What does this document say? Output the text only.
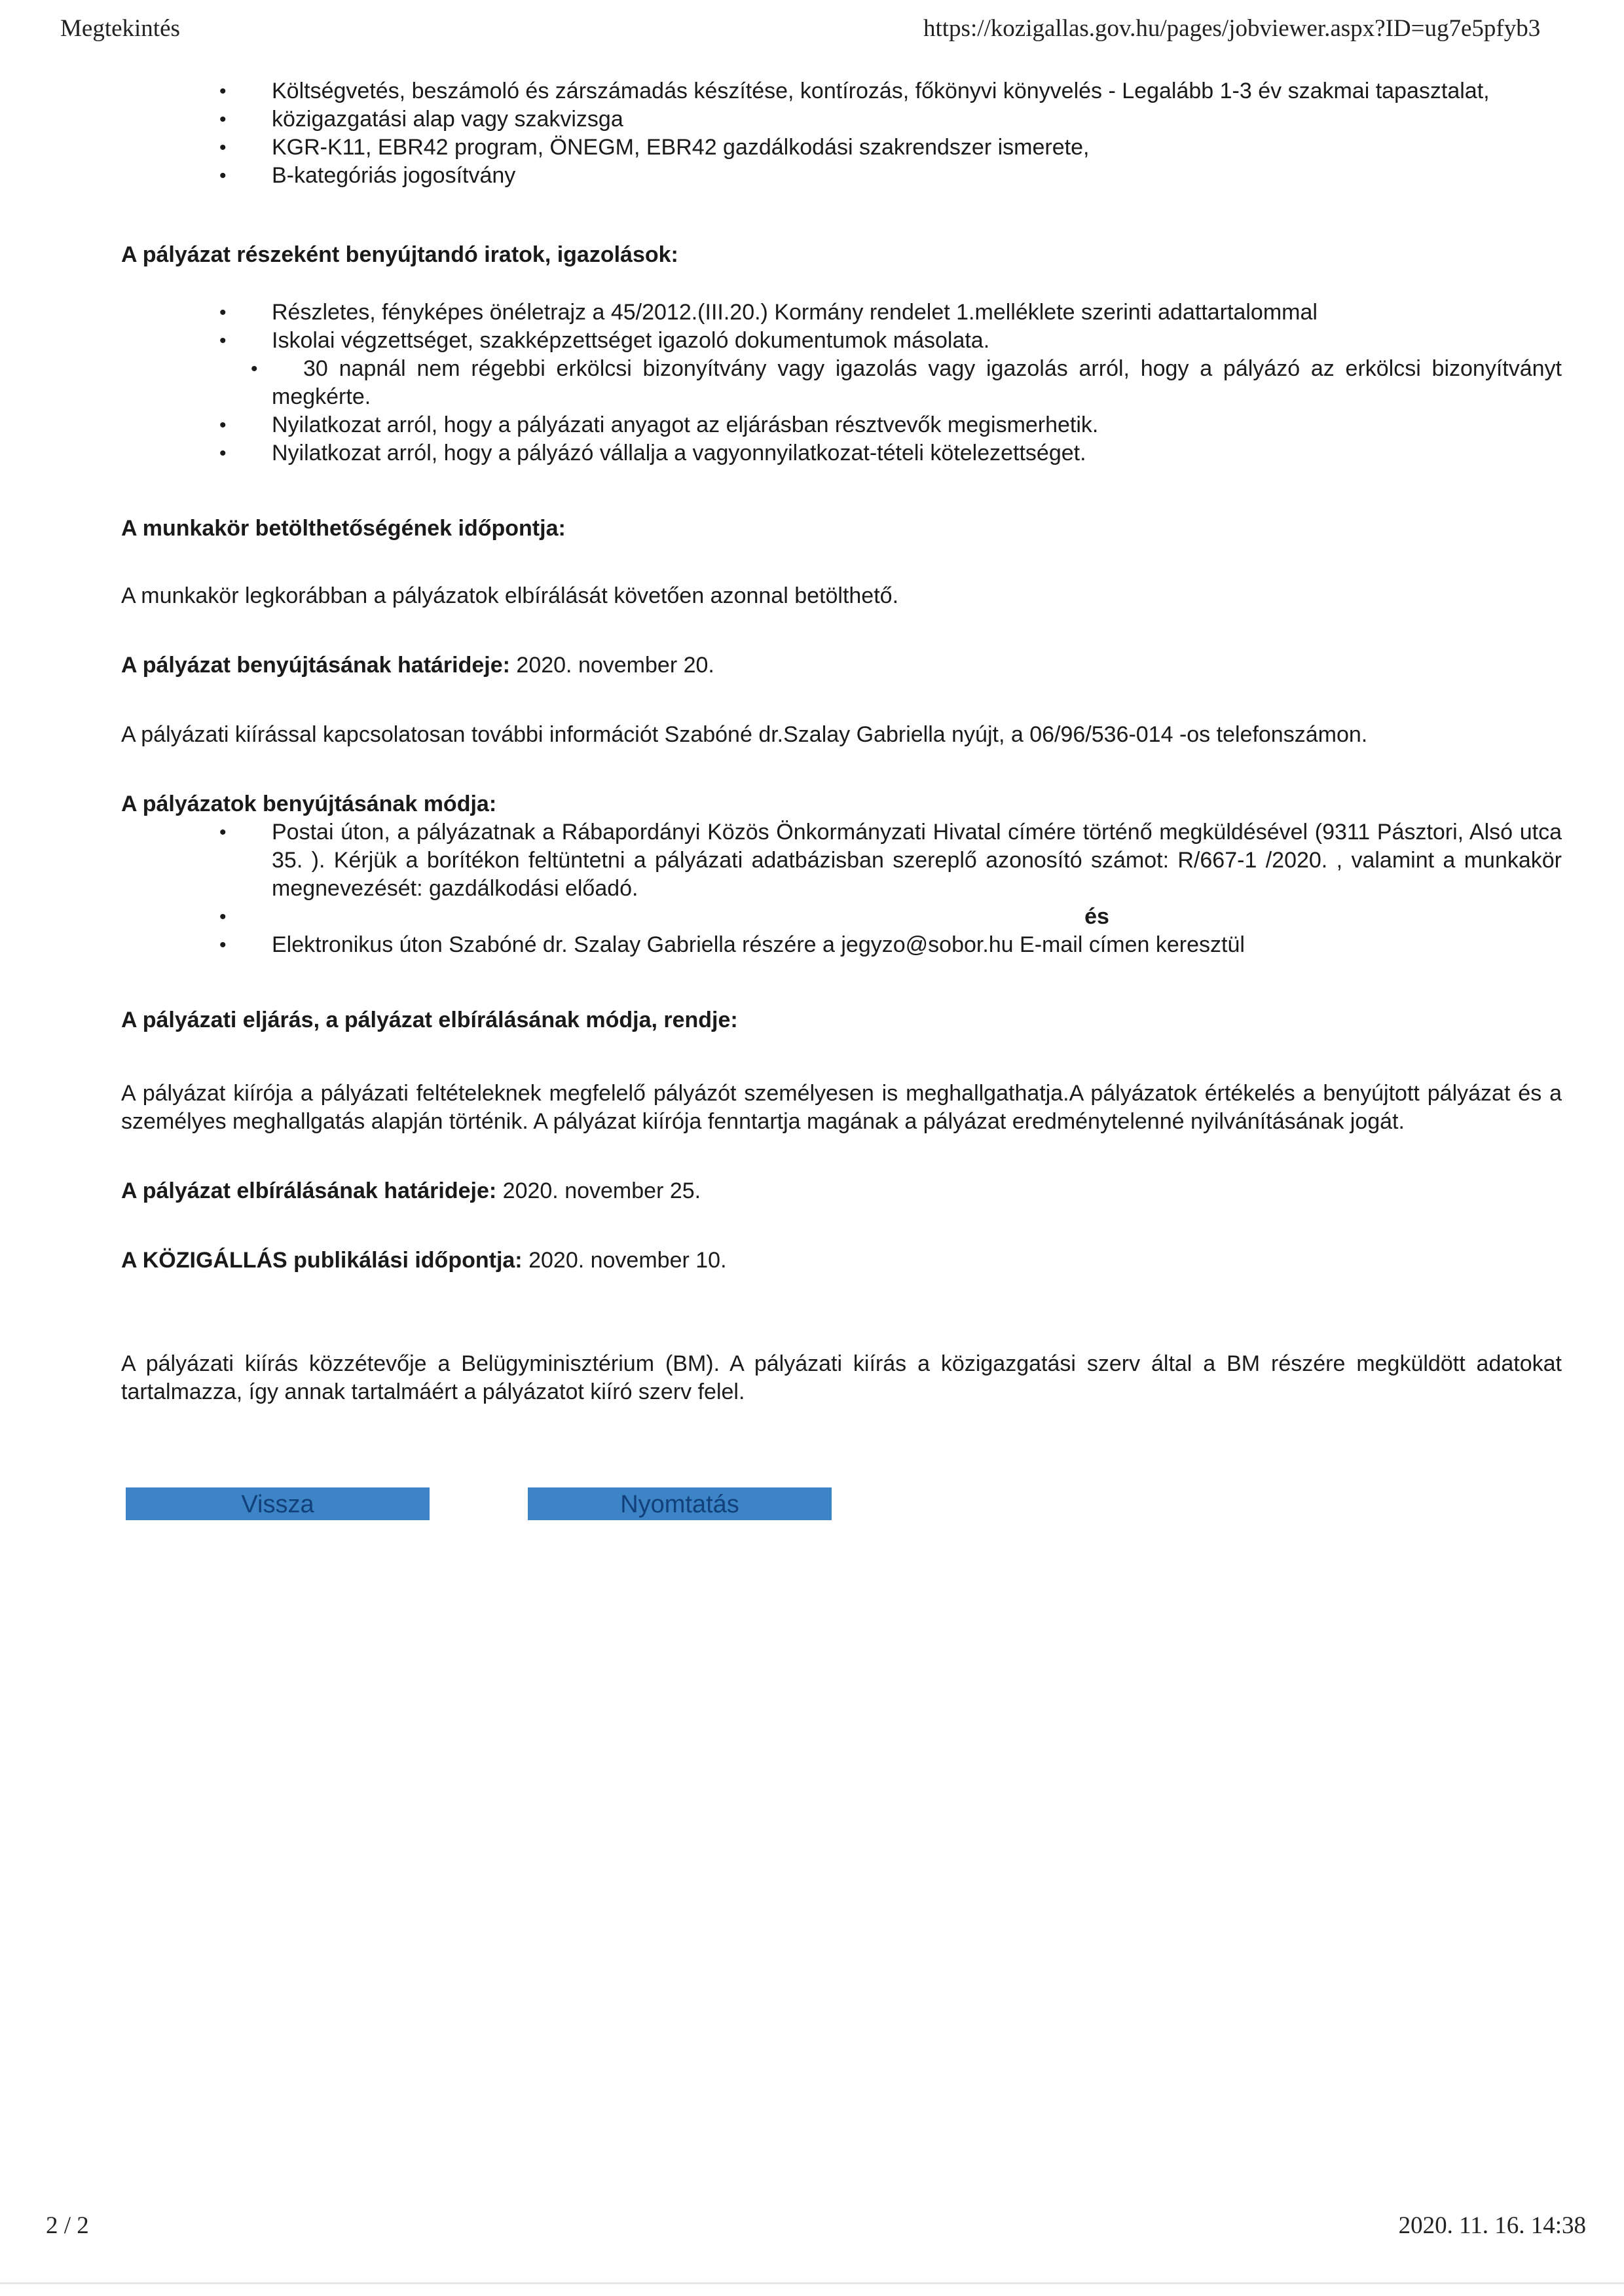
Megtekintés	https://kozigallas.gov.hu/pages/jobviewer.aspx?ID=ug7e5pfyb3
• Költségvetés, beszámoló és zárszámadás készítése, kontírozás, főkönyvi könyvelés - Legalább 1-3 év szakmai tapasztalat,
• közigazgatási alap vagy szakvizsga
• KGR-K11, EBR42 program, ÖNEGM, EBR42 gazdálkodási szakrendszer ismerete,
• B-kategóriás jogosítvány

A pályázat részeként benyújtandó iratok, igazolások:

• Részletes, fényképes önéletrajz a 45/2012.(III.20.) Kormány rendelet 1.melléklete szerinti adattartalommal
• Iskolai végzettséget, szakképzettséget igazoló dokumentumok másolata.
• 30 napnál nem régebbi erkölcsi bizonyítvány vagy igazolás vagy igazolás arról, hogy a pályázó az erkölcsi bizonyítványt megkérte.
• Nyilatkozat arról, hogy a pályázati anyagot az eljárásban résztvevők megismerhetik.
• Nyilatkozat arról, hogy a pályázó vállalja a vagyonnyilatkozat-tételi kötelezettséget.

A munkakör betölthetőségének időpontja:

A munkakör legkorábban a pályázatok elbírálását követően azonnal betölthető.

A pályázat benyújtásának határideje: 2020. november 20.

A pályázati kiírással kapcsolatosan további információt Szabóné dr.Szalay Gabriella nyújt, a 06/96/536-014 -os telefonszámon.

A pályázatok benyújtásának módja:

• Postai úton, a pályázatnak a Rábapordányi Közös Önkormányzati Hivatal címére történő megküldésével (9311 Pásztori, Alsó utca 35. ). Kérjük a borítékon feltüntetni a pályázati adatbázisban szereplő azonosító számot: R/667-1 /2020. , valamint a munkakör megnevezését: gazdálkodási előadó.

• és

• Elektronikus úton Szabóné dr. Szalay Gabriella részére a jegyzo@sobor.hu E-mail címen keresztül

A pályázati eljárás, a pályázat elbírálásának módja, rendje:

A pályázat kiírója a pályázati feltételeknek megfelelő pályázót személyesen is meghallgathatja.A pályázatok értékelés a benyújtott pályázat és a személyes meghallgatás alapján történik. A pályázat kiírója fenntartja magának a pályázat eredménytelenné nyilvánításának jogát.

A pályázat elbírálásának határideje: 2020. november 25.

A KÖZIGÁLLÁS publikálási időpontja: 2020. november 10.

A pályázati kiírás közzétevője a Belügyminisztérium (BM). A pályázati kiírás a közigazgatási szerv által a BM részére megküldött adatokat tartalmazza, így annak tartalmáért a pályázatot kiíró szerv felel.

Vissza	Nyomtatás
2 / 2	2020. 11. 16. 14:38
